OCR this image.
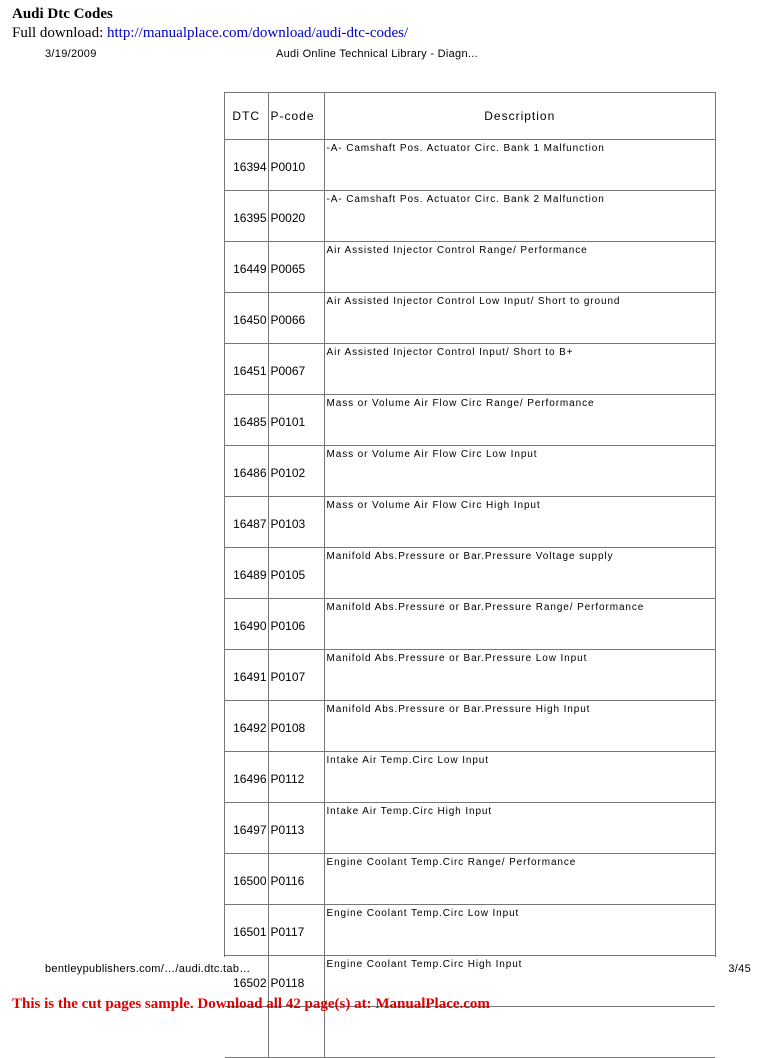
Audi Dtc Codes
Full download: http://manualplace.com/download/audi-dtc-codes/
3/19/2009	Audi Online Technical Library - Diagn...
DTC	P-code	Description
16394	P0010	-A- Camshaft Pos. Actuator Circ. Bank 1 Malfunction
16395	P0020	-A- Camshaft Pos. Actuator Circ. Bank 2 Malfunction
16449	P0065	Air Assisted Injector Control Range/ Performance
16450	P0066	Air Assisted Injector Control Low Input/ Short to ground
16451	P0067	Air Assisted Injector Control Input/ Short to B+
16485	P0101	Mass or Volume Air Flow Circ Range/ Performance
16486	P0102	Mass or Volume Air Flow Circ Low Input
16487	P0103	Mass or Volume Air Flow Circ High Input
16489	P0105	Manifold Abs.Pressure or Bar.Pressure Voltage supply
16490	P0106	Manifold Abs.Pressure or Bar.Pressure Range/ Performance
16491	P0107	Manifold Abs.Pressure or Bar.Pressure Low Input
16492	P0108	Manifold Abs.Pressure or Bar.Pressure High Input
16496	P0112	Intake Air Temp.Circ Low Input
16497	P0113	Intake Air Temp.Circ High Input
16500	P0116	Engine Coolant Temp.Circ Range/ Performance
16501	P0117	Engine Coolant Temp.Circ Low Input
16502	P0118	Engine Coolant Temp.Circ High Input

bentleypublishers.com/…/audi.dtc.tab…	3/45
This is the cut pages sample. Download all 42 page(s) at: ManualPlace.com
